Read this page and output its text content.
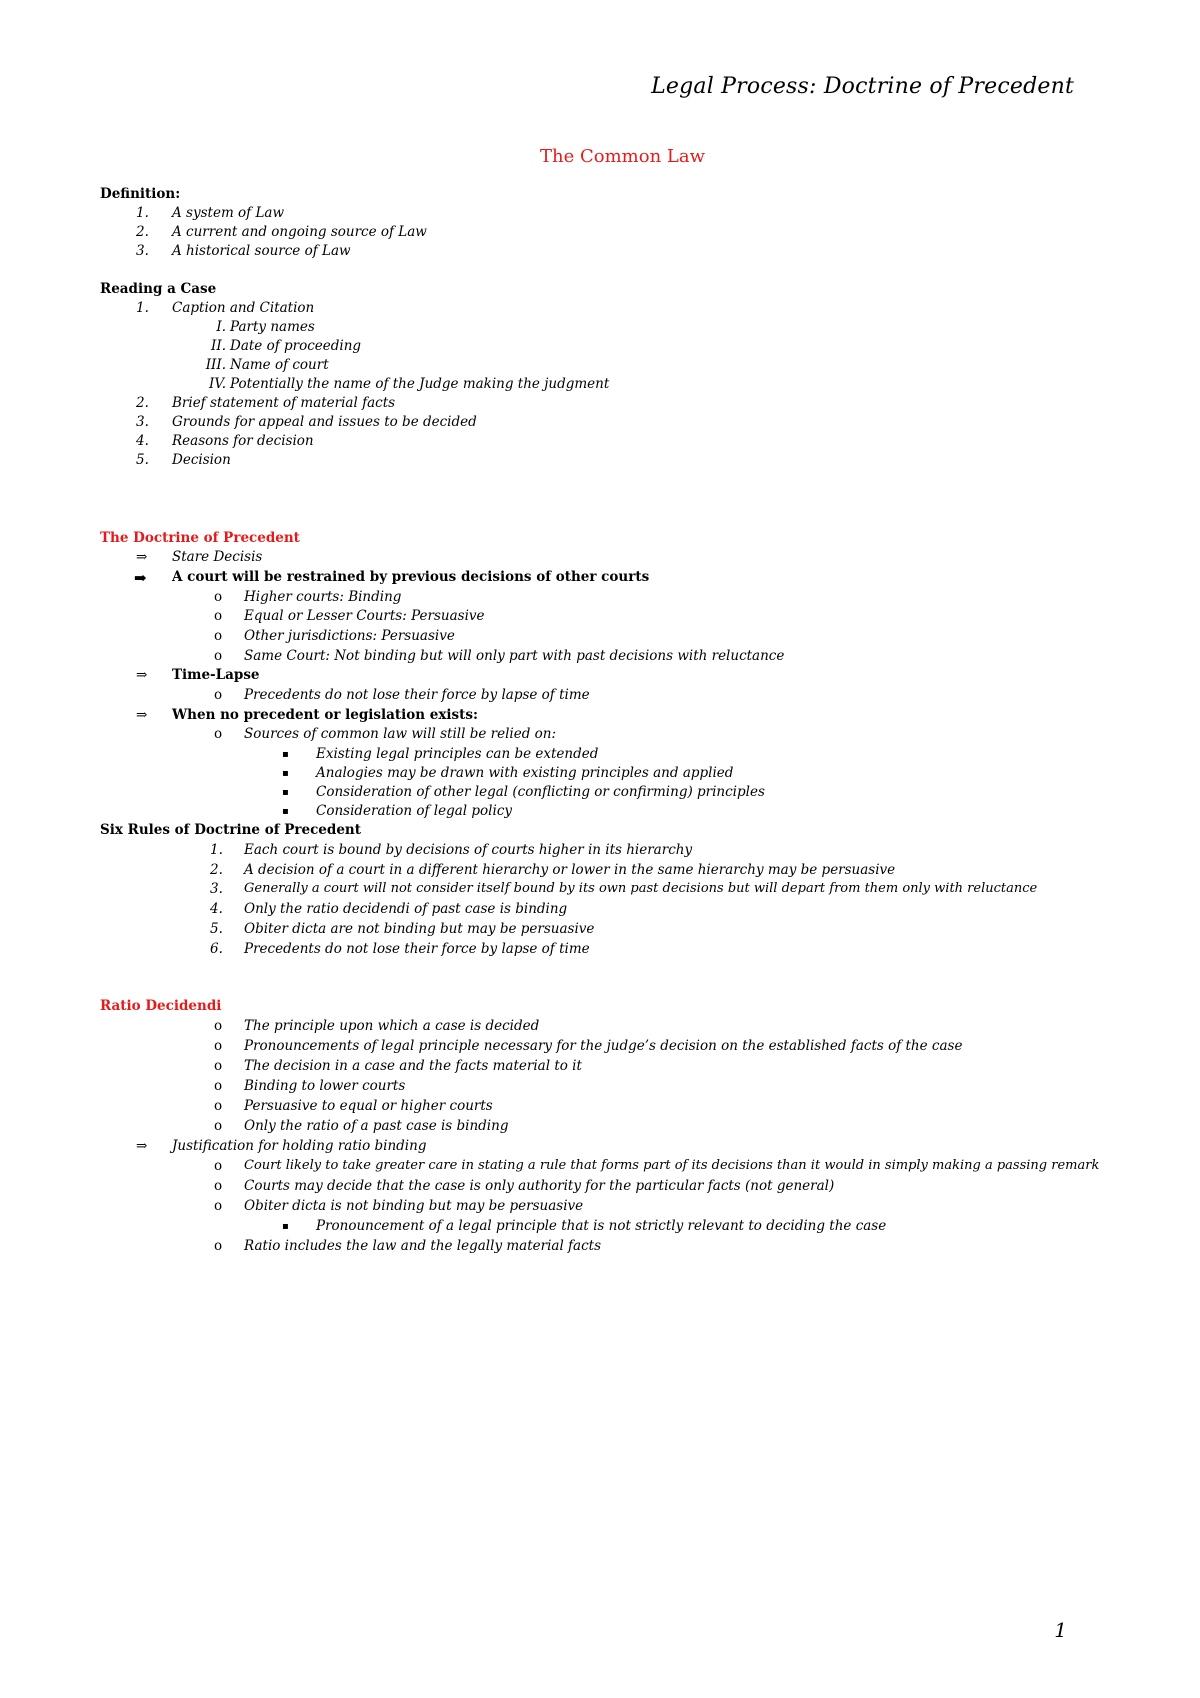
Legal Process: Doctrine of Precedent
The Common Law
Definition:
1. A system of Law
2. A current and ongoing source of Law
3. A historical source of Law
Reading a Case
1. Caption and Citation
I. Party names
II. Date of proceeding
III. Name of court
IV. Potentially the name of the Judge making the judgment
2. Brief statement of material facts
3. Grounds for appeal and issues to be decided
4. Reasons for decision
5. Decision
The Doctrine of Precedent
⇒ Stare Decisis
➡ A court will be restrained by previous decisions of other courts
o Higher courts: Binding
o Equal or Lesser Courts: Persuasive
o Other jurisdictions: Persuasive
o Same Court: Not binding but will only part with past decisions with reluctance
⇒ Time-Lapse
o Precedents do not lose their force by lapse of time
⇒ When no precedent or legislation exists:
o Sources of common law will still be relied on:
▪ Existing legal principles can be extended
▪ Analogies may be drawn with existing principles and applied
▪ Consideration of other legal (conflicting or confirming) principles
▪ Consideration of legal policy
Six Rules of Doctrine of Precedent
1. Each court is bound by decisions of courts higher in its hierarchy
2. A decision of a court in a different hierarchy or lower in the same hierarchy may be persuasive
3. Generally a court will not consider itself bound by its own past decisions but will depart from them only with reluctance
4. Only the ratio decidendi of past case is binding
5. Obiter dicta are not binding but may be persuasive
6. Precedents do not lose their force by lapse of time
Ratio Decidendi
o The principle upon which a case is decided
o Pronouncements of legal principle necessary for the judge’s decision on the established facts of the case
o The decision in a case and the facts material to it
o Binding to lower courts
o Persuasive to equal or higher courts
o Only the ratio of a past case is binding
⇒ Justification for holding ratio binding
o Court likely to take greater care in stating a rule that forms part of its decisions than it would in simply making a passing remark
o Courts may decide that the case is only authority for the particular facts (not general)
o Obiter dicta is not binding but may be persuasive
▪ Pronouncement of a legal principle that is not strictly relevant to deciding the case
o Ratio includes the law and the legally material facts
1
